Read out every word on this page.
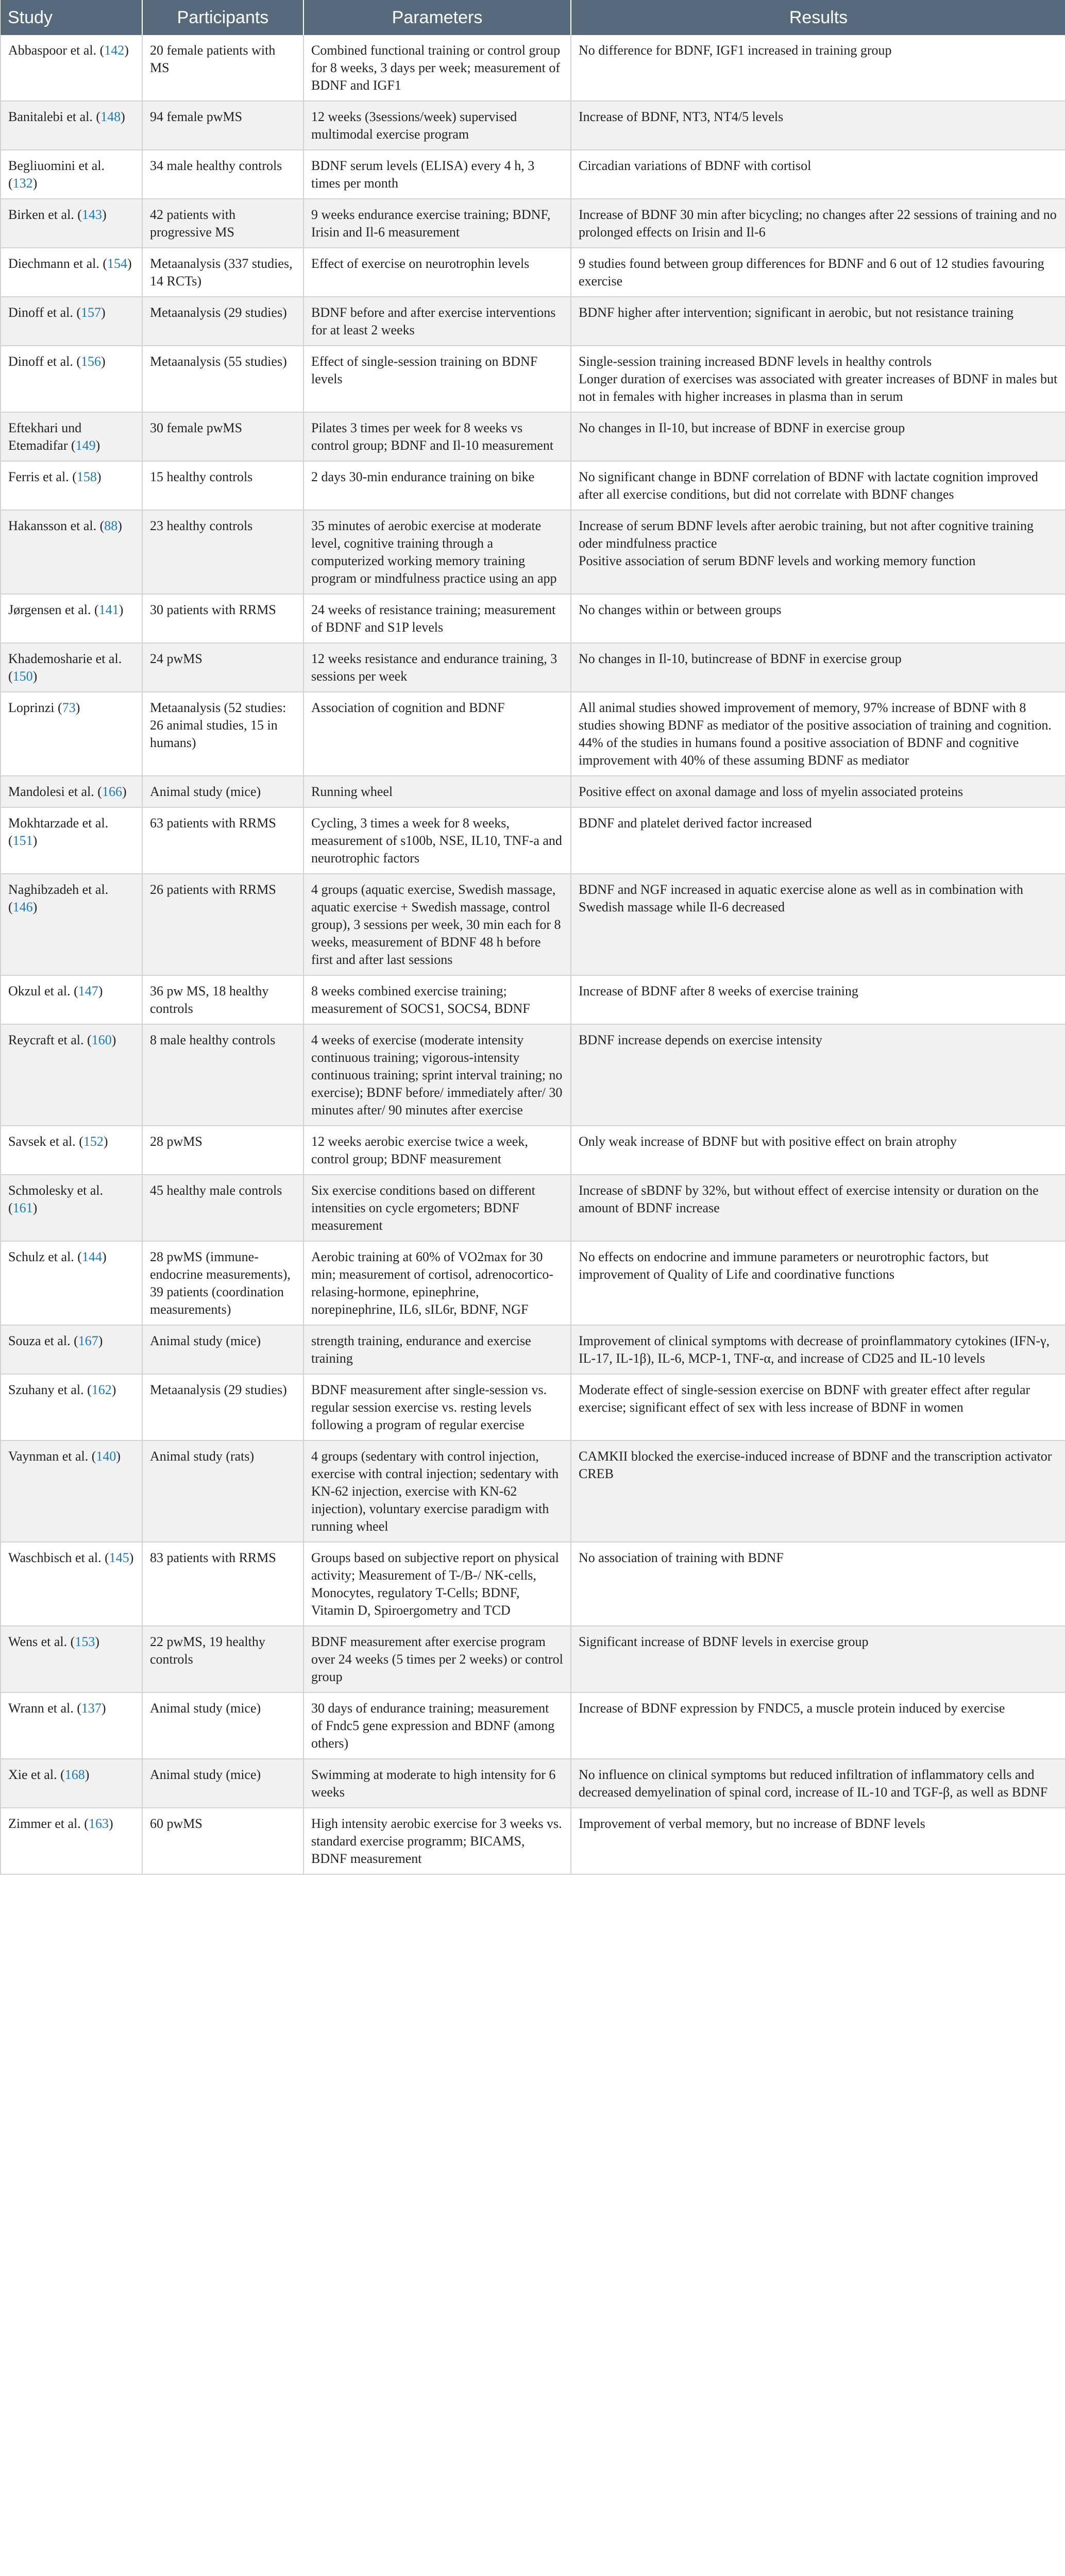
Study	Participants	Parameters	Results
Abbaspoor et al. (142)	20 female patients with MS	Combined functional training or control group for 8 weeks, 3 days per week; measurement of BDNF and IGF1	No difference for BDNF, IGF1 increased in training group

Banitalebi et al. (148)	94 female pwMS	12 weeks (3sessions/week) supervised multimodal exercise program	Increase of BDNF, NT3, NT4/5 levels

Begliuomini et al. (132)	34 male healthy controls	BDNF serum levels (ELISA) every 4 h, 3 times per month	Circadian variations of BDNF with cortisol

Birken et al. (143)	42 patients with progressive MS	9 weeks endurance exercise training; BDNF, Irisin and Il-6 measurement	Increase of BDNF 30 min after bicycling; no changes after 22 sessions of training and no prolonged effects on Irisin and Il-6

Diechmann et al. (154)	Metaanalysis (337 studies, 14 RCTs)	Effect of exercise on neurotrophin levels	9 studies found between group differences for BDNF and 6 out of 12 studies favouring exercise

Dinoff et al. (157)	Metaanalysis (29 studies)	BDNF before and after exercise interventions for at least 2 weeks	BDNF higher after intervention; significant in aerobic, but not resistance training

Dinoff et al. (156)	Metaanalysis (55 studies)	Effect of single-session training on BDNF levels	Single-session training increased BDNF levels in healthy controls
Longer duration of exercises was associated with greater increases of BDNF in males but not in females with higher increases in plasma than in serum

Eftekhari und Etemadifar (149)	30 female pwMS	Pilates 3 times per week for 8 weeks vs control group; BDNF and Il-10 measurement	No changes in Il-10, but increase of BDNF in exercise group

Ferris et al. (158)	15 healthy controls	2 days 30-min endurance training on bike	No significant change in BDNF correlation of BDNF with lactate cognition improved after all exercise conditions, but did not correlate with BDNF changes

Hakansson et al. (88)	23 healthy controls	35 minutes of aerobic exercise at moderate level, cognitive training through a computerized working memory training program or mindfulness practice using an app	Increase of serum BDNF levels after aerobic training, but not after cognitive training oder mindfulness practice
Positive association of serum BDNF levels and working memory function

Jørgensen et al. (141)	30 patients with RRMS	24 weeks of resistance training; measurement of BDNF and S1P levels	No changes within or between groups

Khademosharie et al. (150)	24 pwMS	12 weeks resistance and endurance training, 3 sessions per week	No changes in Il-10, butincrease of BDNF in exercise group

Loprinzi (73)	Metaanalysis (52 studies: 26 animal studies, 15 in humans)	Association of cognition and BDNF	All animal studies showed improvement of memory, 97% increase of BDNF with 8 studies showing BDNF as mediator of the positive association of training and cognition.
44% of the studies in humans found a positive association of BDNF and cognitive improvement with 40% of these assuming BDNF as mediator

Mandolesi et al. (166)	Animal study (mice)	Running wheel	Positive effect on axonal damage and loss of myelin associated proteins

Mokhtarzade et al. (151)	63 patients with RRMS	Cycling, 3 times a week for 8 weeks, measurement of s100b, NSE, IL10, TNF-a and neurotrophic factors	BDNF and platelet derived factor increased

Naghibzadeh et al. (146)	26 patients with RRMS	4 groups (aquatic exercise, Swedish massage, aquatic exercise + Swedish massage, control group), 3 sessions per week, 30 min each for 8 weeks, measurement of BDNF 48 h before first and after last sessions	BDNF and NGF increased in aquatic exercise alone as well as in combination with Swedish massage while Il-6 decreased

Okzul et al. (147)	36 pw MS, 18 healthy controls	8 weeks combined exercise training; measurement of SOCS1, SOCS4, BDNF	Increase of BDNF after 8 weeks of exercise training

Reycraft et al. (160)	8 male healthy controls	4 weeks of exercise (moderate intensity continuous training; vigorous-intensity continuous training; sprint interval training; no exercise); BDNF before/ immediately after/ 30 minutes after/ 90 minutes after exercise	BDNF increase depends on exercise intensity

Savsek et al. (152)	28 pwMS	12 weeks aerobic exercise twice a week, control group; BDNF measurement	Only weak increase of BDNF but with positive effect on brain atrophy

Schmolesky et al. (161)	45 healthy male controls	Six exercise conditions based on different intensities on cycle ergometers; BDNF measurement	Increase of sBDNF by 32%, but without effect of exercise intensity or duration on the amount of BDNF increase

Schulz et al. (144)	28 pwMS (immune-endocrine measurements), 39 patients (coordination measurements)	Aerobic training at 60% of VO2max for 30 min; measurement of cortisol, adrenocortico-relasing-hormone, epinephrine, norepinephrine, IL6, sIL6r, BDNF, NGF	No effects on endocrine and immune parameters or neurotrophic factors, but improvement of Quality of Life and coordinative functions

Souza et al. (167)	Animal study (mice)	strength training, endurance and exercise training	Improvement of clinical symptoms with decrease of proinflammatory cytokines (IFN-γ, IL-17, IL-1β), IL-6, MCP-1, TNF-α, and increase of CD25 and IL-10 levels

Szuhany et al. (162)	Metaanalysis (29 studies)	BDNF measurement after single-session vs. regular session exercise vs. resting levels following a program of regular exercise	Moderate effect of single-session exercise on BDNF with greater effect after regular exercise; significant effect of sex with less increase of BDNF in women

Vaynman et al. (140)	Animal study (rats)	4 groups (sedentary with control injection, exercise with contral injection; sedentary with KN-62 injection, exercise with KN-62 injection), voluntary exercise paradigm with running wheel	CAMKII blocked the exercise-induced increase of BDNF and the transcription activator CREB

Waschbisch et al. (145)	83 patients with RRMS	Groups based on subjective report on physical activity; Measurement of T-/B-/ NK-cells, Monocytes, regulatory T-Cells; BDNF, Vitamin D, Spiroergometry and TCD	No association of training with BDNF

Wens et al. (153)	22 pwMS, 19 healthy controls	BDNF measurement after exercise program over 24 weeks (5 times per 2 weeks) or control group	Significant increase of BDNF levels in exercise group

Wrann et al. (137)	Animal study (mice)	30 days of endurance training; measurement of Fndc5 gene expression and BDNF (among others)	Increase of BDNF expression by FNDC5, a muscle protein induced by exercise

Xie et al. (168)	Animal study (mice)	Swimming at moderate to high intensity for 6 weeks	No influence on clinical symptoms but reduced infiltration of inflammatory cells and decreased demyelination of spinal cord, increase of IL-10 and TGF-β, as well as BDNF

Zimmer et al. (163)	60 pwMS	High intensity aerobic exercise for 3 weeks vs. standard exercise programm; BICAMS, BDNF measurement	Improvement of verbal memory, but no increase of BDNF levels
